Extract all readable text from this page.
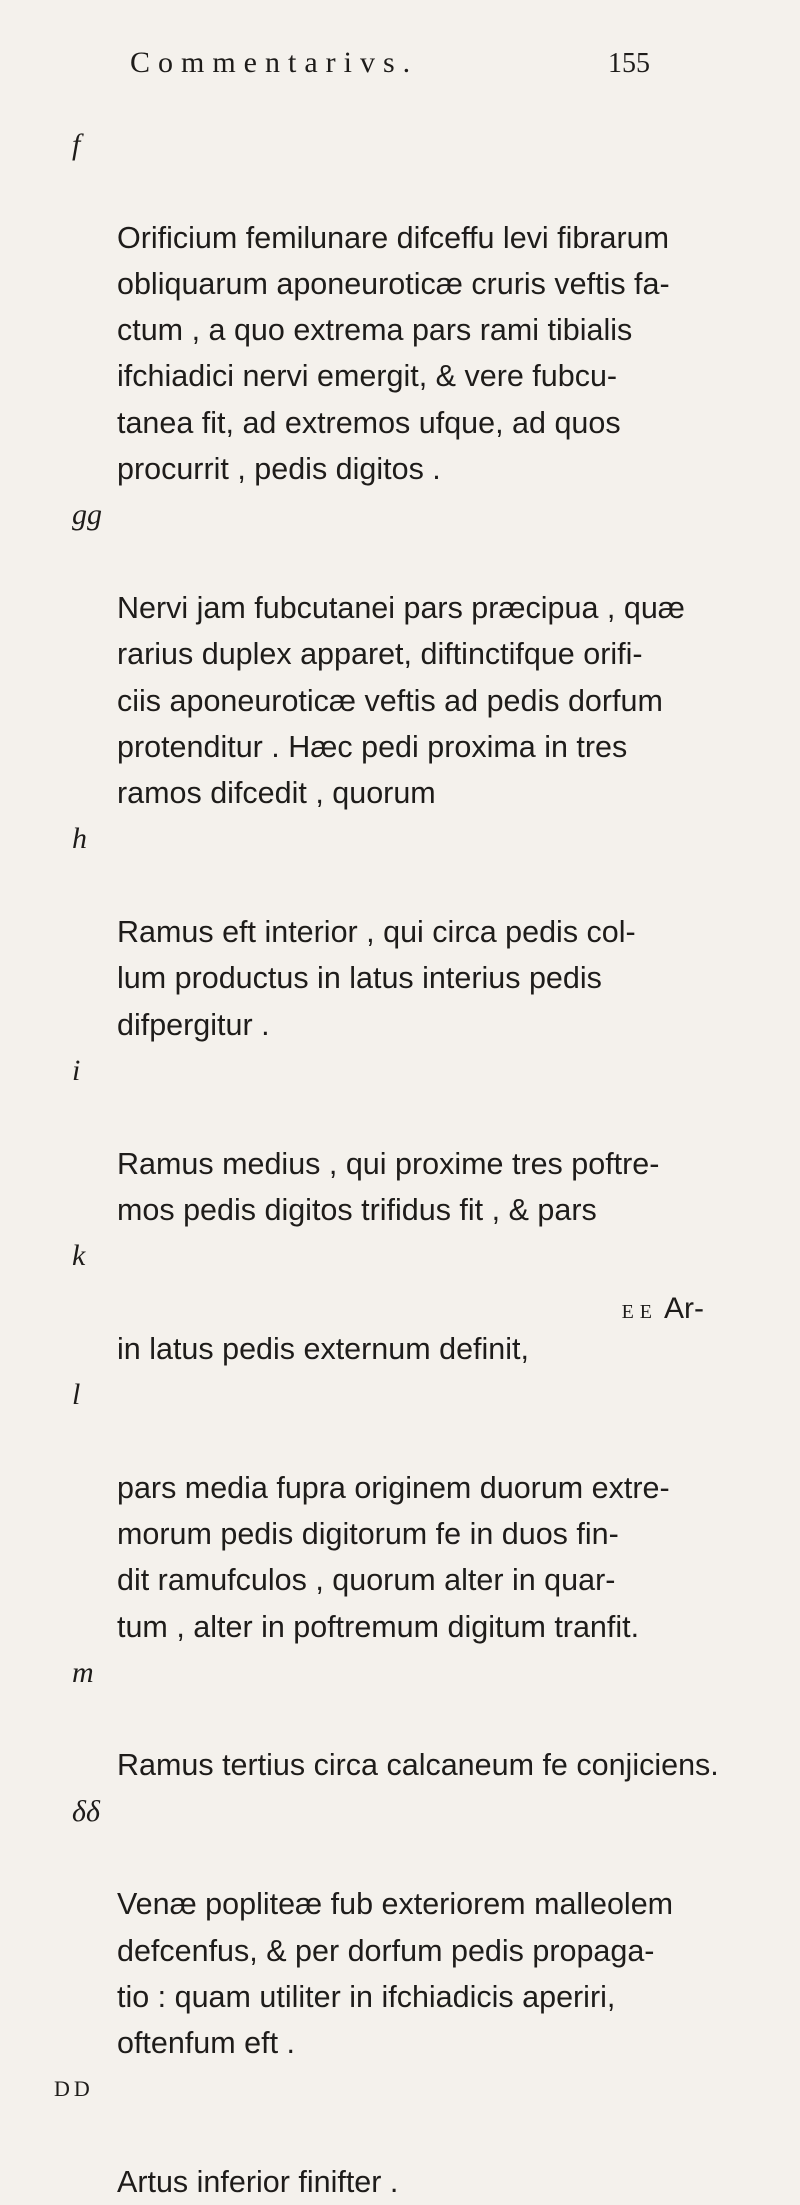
Commentarivs.	155

f

Orificium femilunare difceffu levi fibrarum
obliquarum aponeuroticæ cruris veftis fa-
ctum , a quo extrema pars rami tibialis
ifchiadici nervi emergit, & vere fubcu-
tanea fit, ad extremos ufque, ad quos
procurrit , pedis digitos .

gg

Nervi jam fubcutanei pars præcipua , quæ
rarius duplex apparet, diftinctifque orifi-
ciis aponeuroticæ veftis ad pedis dorfum
protenditur . Hæc pedi proxima in tres
ramos difcedit , quorum

h

Ramus eft interior , qui circa pedis col-
lum productus in latus interius pedis
difpergitur .

i

Ramus medius , qui proxime tres poftre-
mos pedis digitos trifidus fit , & pars

k

in latus pedis externum definit,

l

pars media fupra originem duorum extre-
morum pedis digitorum fe in duos fin-
dit ramufculos , quorum alter in quar-
tum , alter in poftremum digitum tranfit.

m

Ramus tertius circa calcaneum fe conjiciens.

δδ

Venæ popliteæ fub exteriorem malleolem
defcenfus, & per dorfum pedis propaga-
tio : quam utiliter in ifchiadicis aperiri,
oftenfum eft .

DD

Artus inferior finifter .

EE Ar-
